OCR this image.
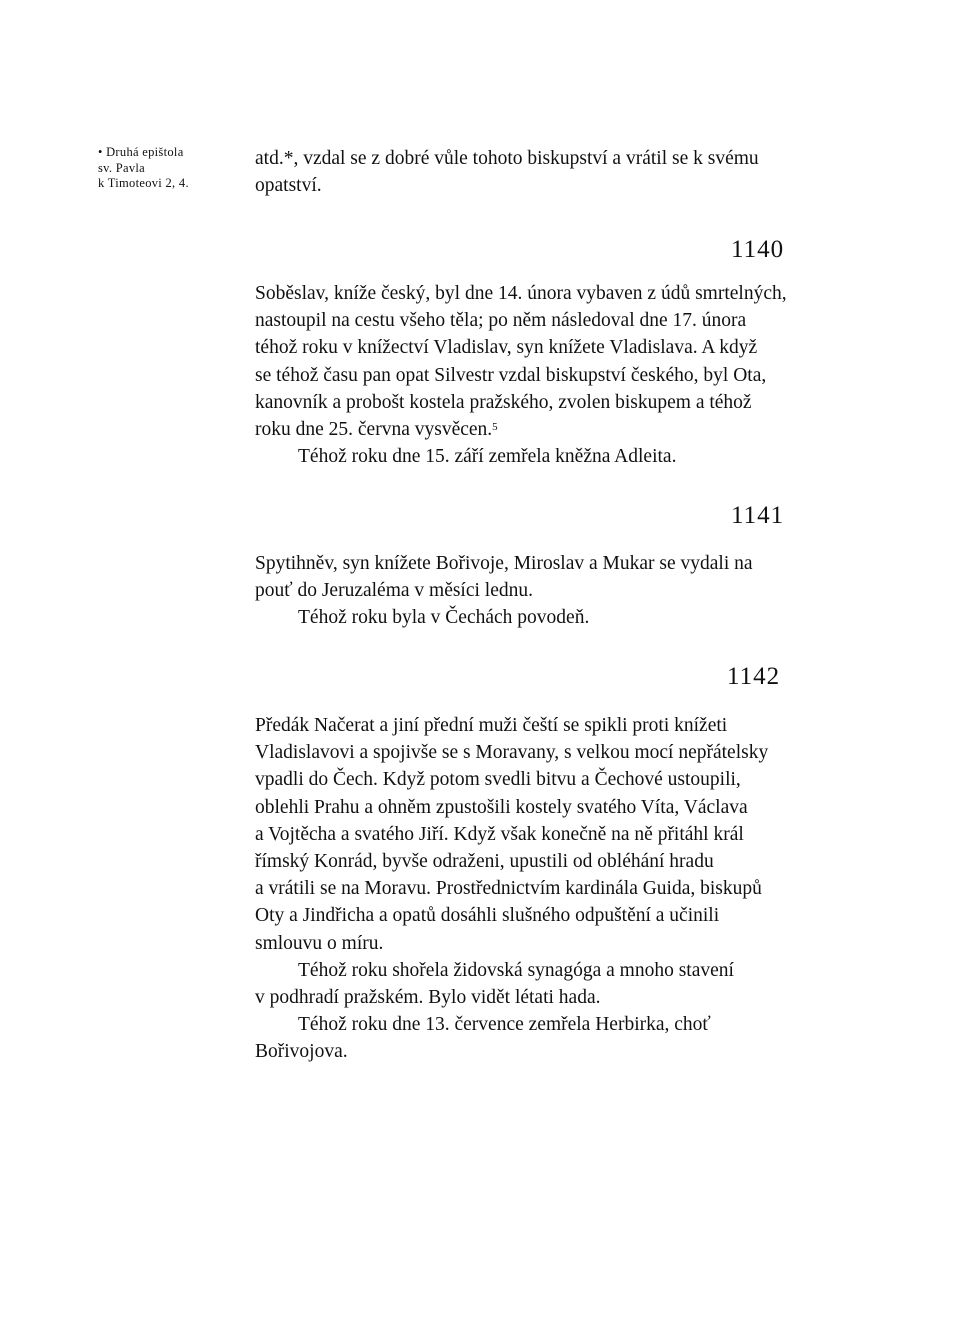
• Druhá epištola
sv. Pavla
k Timoteovi 2, 4.
atd.*, vzdal se z dobré vůle tohoto biskupství a vrátil se k svému
opatství.
1140
Soběslav, kníže český, byl dne 14. února vybaven z údů smrtelných,
nastoupil na cestu všeho těla; po něm následoval dne 17. února
téhož roku v knížectví Vladislav, syn knížete Vladislava. A když
se téhož času pan opat Silvestr vzdal biskupství českého, byl Ota,
kanovník a probošt kostela pražského, zvolen biskupem a téhož
roku dne 25. června vysvěcen.$^5$
Téhož roku dne 15. září zemřela kněžna Adleita.
1141
Spytihněv, syn knížete Bořivoje, Miroslav a Mukar se vydali na
pouť do Jeruzaléma v měsíci lednu.
Téhož roku byla v Čechách povodeň.
1142
Předák Načerat a jiní přední muži čeští se spikli proti knížeti
Vladislavovi a spojivše se s Moravany, s velkou mocí nepřátelsky
vpadli do Čech. Když potom svedli bitvu a Čechové ustoupili,
oblehli Prahu a ohněm zpustošili kostely svatého Víta, Václava
a Vojtěcha a svatého Jiří. Když však konečně na ně přitáhl král
římský Konrád, byvše odraženi, upustili od obléhání hradu
a vrátili se na Moravu. Prostřednictvím kardinála Guida, biskupů
Oty a Jindřicha a opatů dosáhli slušného odpuštění a učinili
smlouvu o míru.
Téhož roku shořela židovská synagóga a mnoho stavení
v podhradí pražském. Bylo vidět létati hada.
Téhož roku dne 13. července zemřela Herbirka, choť
Bořivojova.
